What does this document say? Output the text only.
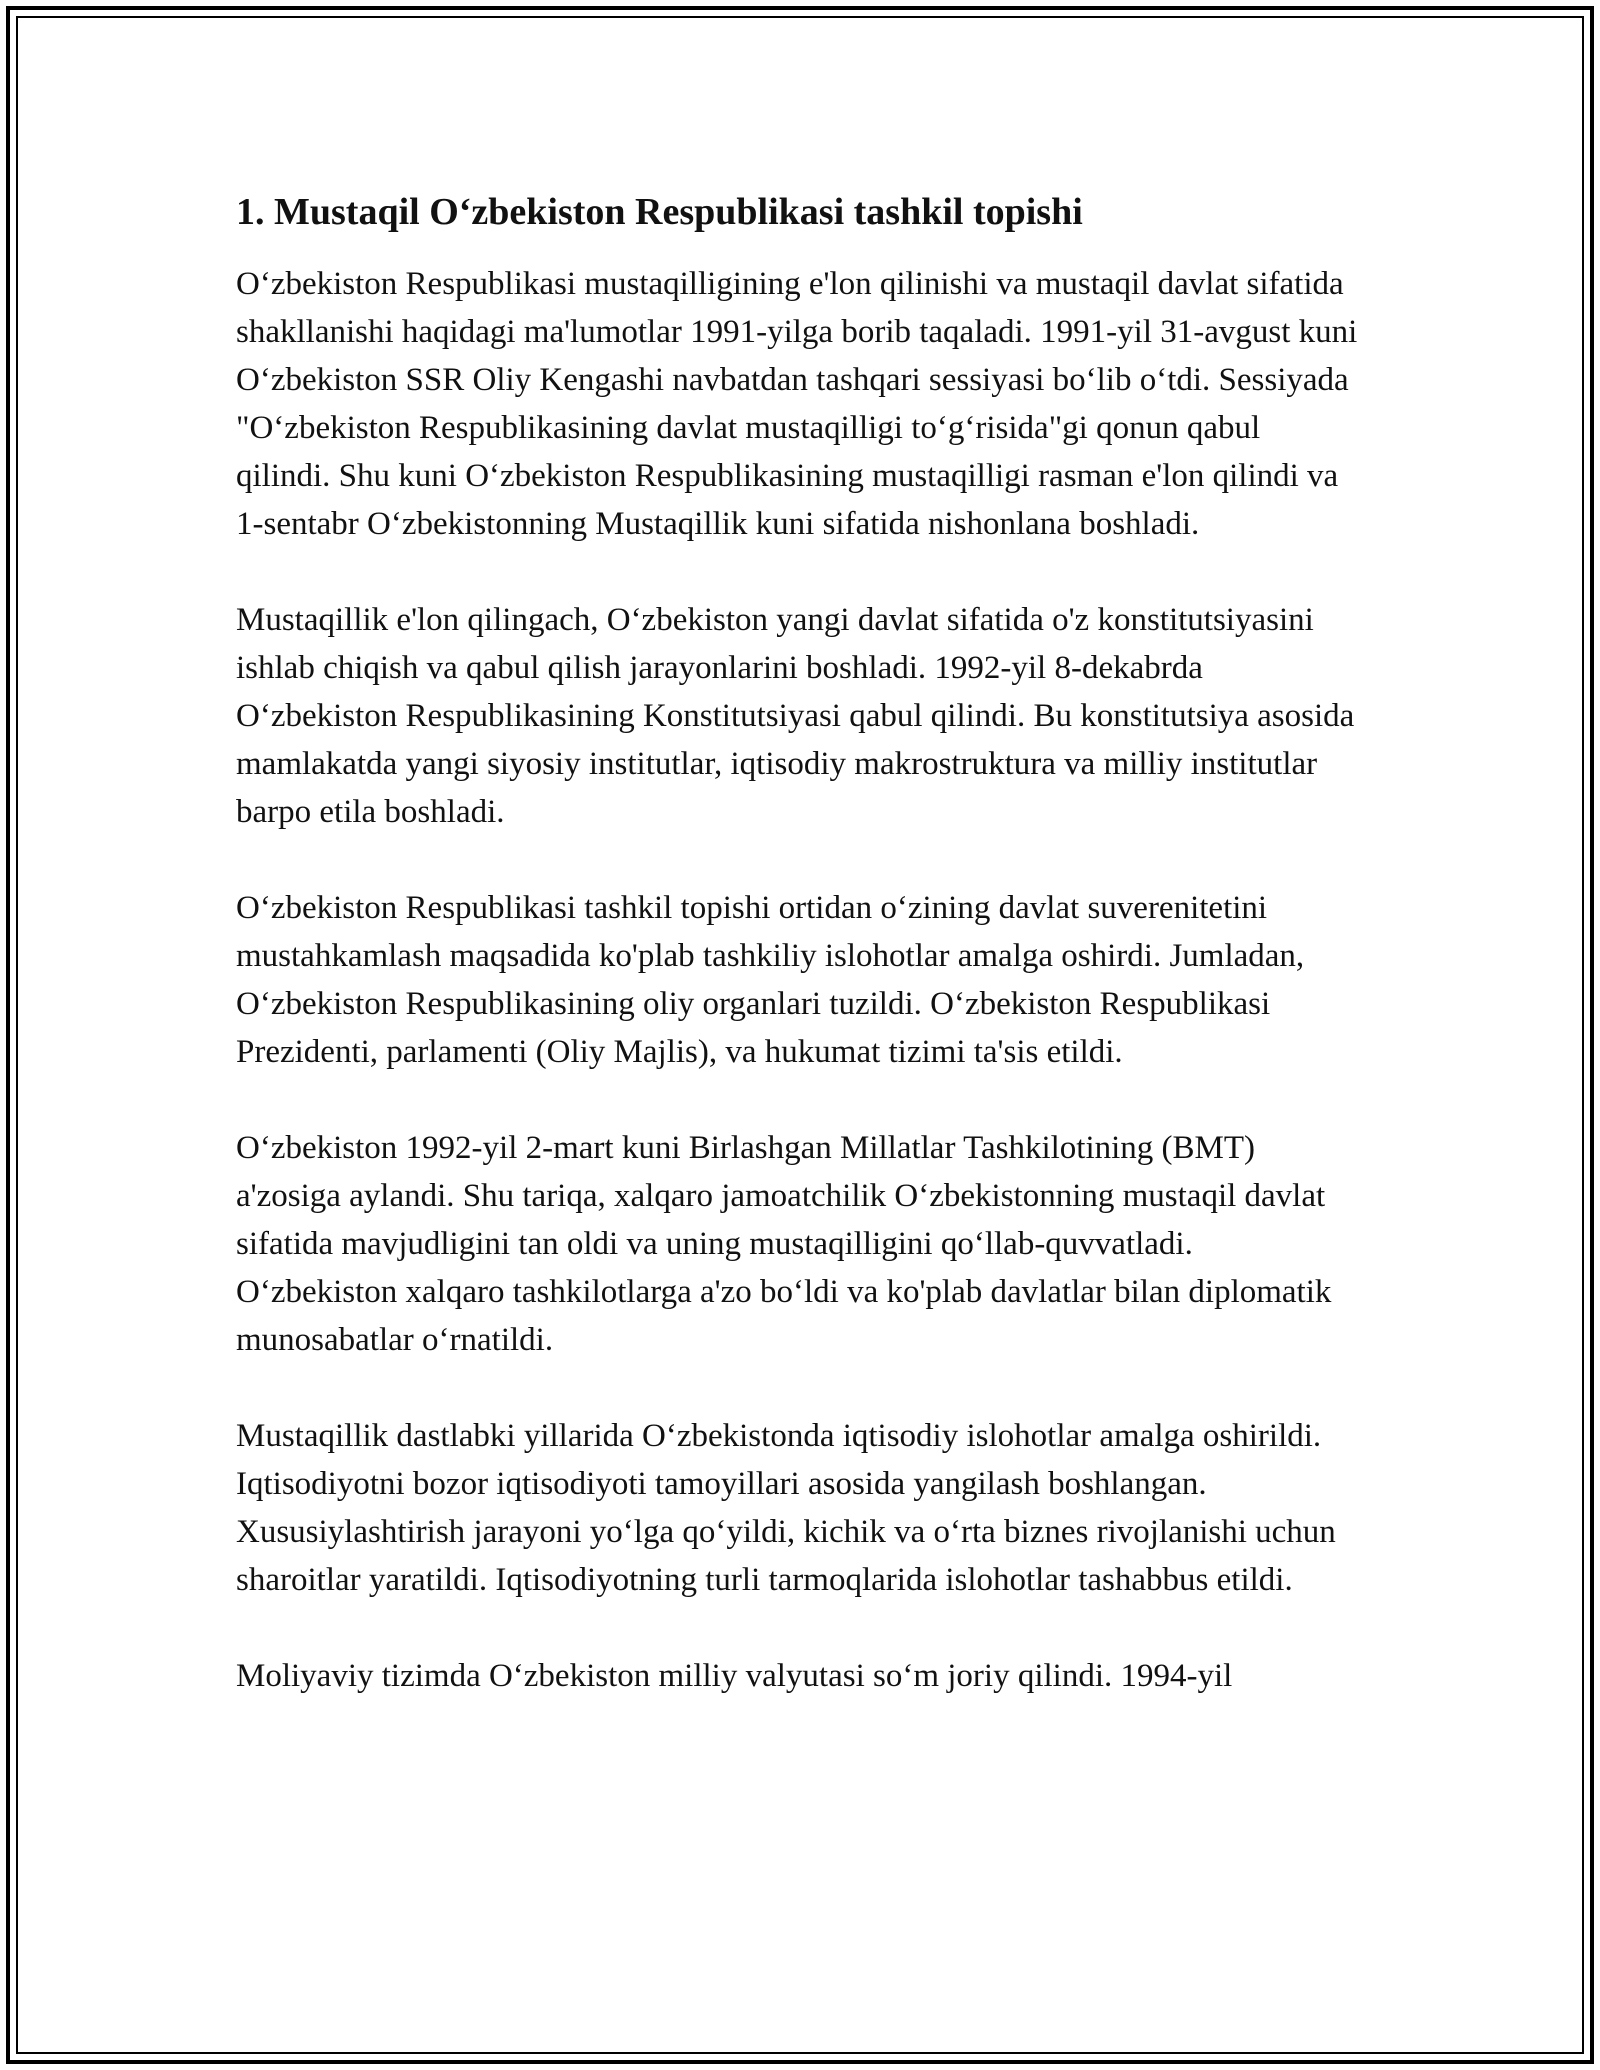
1. Mustaqil O‘zbekiston Respublikasi tashkil topishi

O‘zbekiston Respublikasi mustaqilligining e'lon qilinishi va mustaqil davlat sifatida shakllanishi haqidagi ma'lumotlar 1991-yilga borib taqaladi. 1991-yil 31-avgust kuni O‘zbekiston SSR Oliy Kengashi navbatdan tashqari sessiyasi bo‘lib o‘tdi. Sessiyada "O‘zbekiston Respublikasining davlat mustaqilligi to‘g‘risida"gi qonun qabul qilindi. Shu kuni O‘zbekiston Respublikasining mustaqilligi rasman e'lon qilindi va 1-sentabr O‘zbekistonning Mustaqillik kuni sifatida nishonlana boshladi.

Mustaqillik e'lon qilingach, O‘zbekiston yangi davlat sifatida o'z konstitutsiyasini ishlab chiqish va qabul qilish jarayonlarini boshladi. 1992-yil 8-dekabrda O‘zbekiston Respublikasining Konstitutsiyasi qabul qilindi. Bu konstitutsiya asosida mamlakatda yangi siyosiy institutlar, iqtisodiy makrostruktura va milliy institutlar barpo etila boshladi.

O‘zbekiston Respublikasi tashkil topishi ortidan o‘zining davlat suverenitetini mustahkamlash maqsadida ko'plab tashkiliy islohotlar amalga oshirdi. Jumladan, O‘zbekiston Respublikasining oliy organlari tuzildi. O‘zbekiston Respublikasi Prezidenti, parlamenti (Oliy Majlis), va hukumat tizimi ta'sis etildi.

O‘zbekiston 1992-yil 2-mart kuni Birlashgan Millatlar Tashkilotining (BMT) a'zosiga aylandi. Shu tariqa, xalqaro jamoatchilik O‘zbekistonning mustaqil davlat sifatida mavjudligini tan oldi va uning mustaqilligini qo‘llab-quvvatladi. O‘zbekiston xalqaro tashkilotlarga a'zo bo‘ldi va ko'plab davlatlar bilan diplomatik munosabatlar o‘rnatildi.

Mustaqillik dastlabki yillarida O‘zbekistonda iqtisodiy islohotlar amalga oshirildi. Iqtisodiyotni bozor iqtisodiyoti tamoyillari asosida yangilash boshlangan. Xususiylashtirish jarayoni yo‘lga qo‘yildi, kichik va o‘rta biznes rivojlanishi uchun sharoitlar yaratildi. Iqtisodiyotning turli tarmoqlarida islohotlar tashabbus etildi.

Moliyaviy tizimda O‘zbekiston milliy valyutasi so‘m joriy qilindi. 1994-yil
